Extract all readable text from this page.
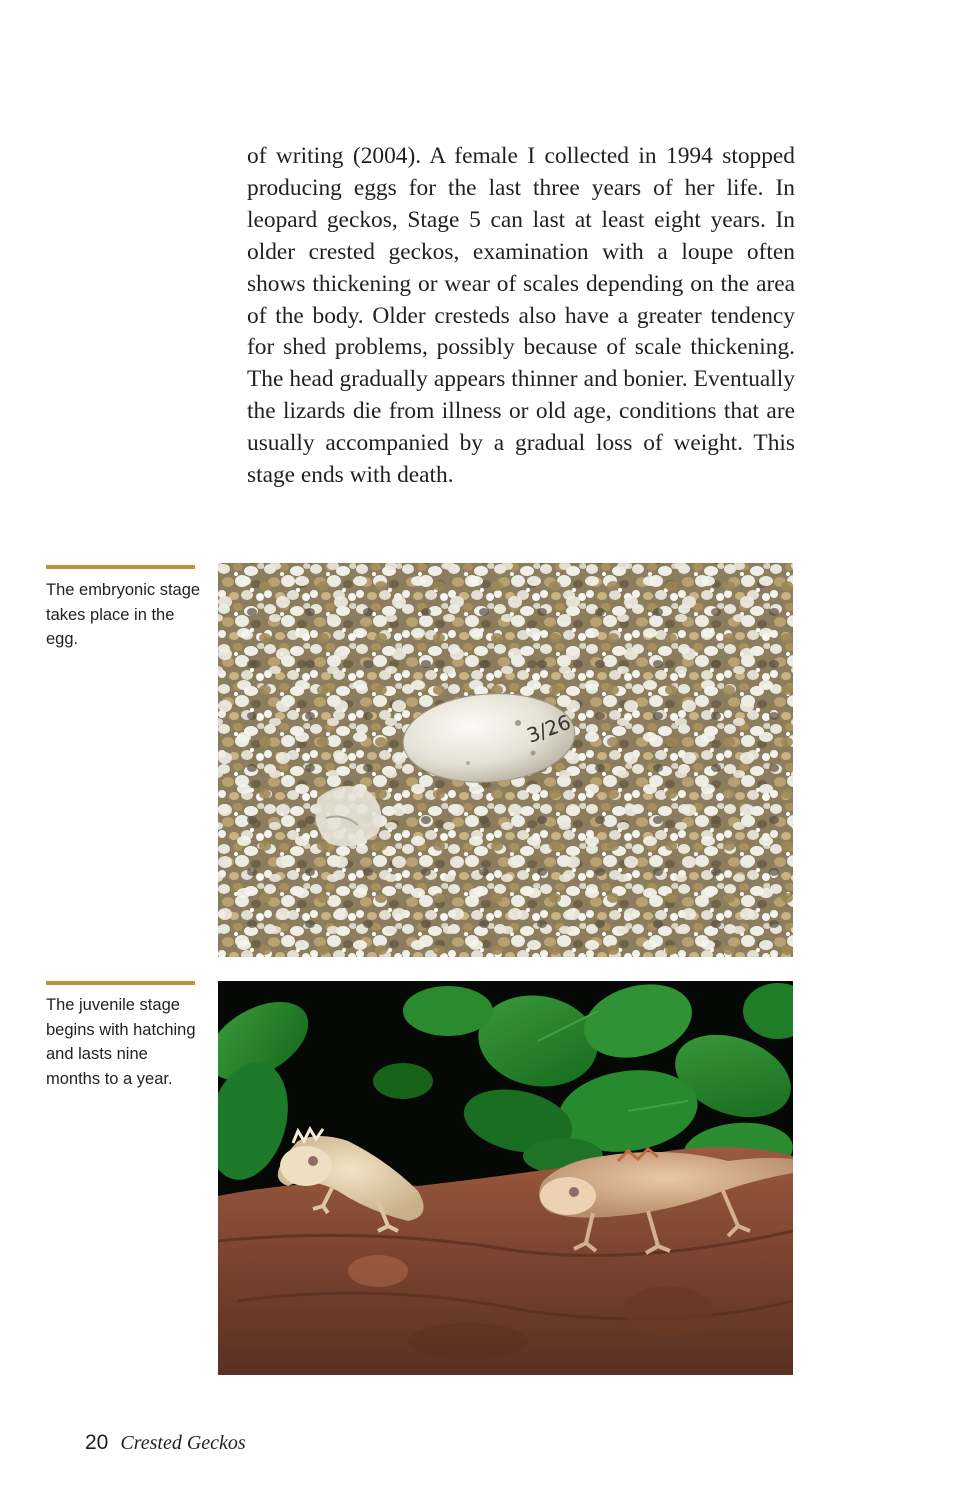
of writing (2004). A female I collected in 1994 stopped producing eggs for the last three years of her life. In leopard geckos, Stage 5 can last at least eight years. In older crested geckos, examination with a loupe often shows thickening or wear of scales depending on the area of the body. Older cresteds also have a greater tendency for shed problems, possibly because of scale thickening. The head gradually appears thinner and bonier. Eventually the lizards die from illness or old age, conditions that are usually accompanied by a gradual loss of weight. This stage ends with death.

The embryonic stage takes place in the egg.

3/26

The juvenile stage begins with hatching and lasts nine months to a year.

20 Crested Geckos
